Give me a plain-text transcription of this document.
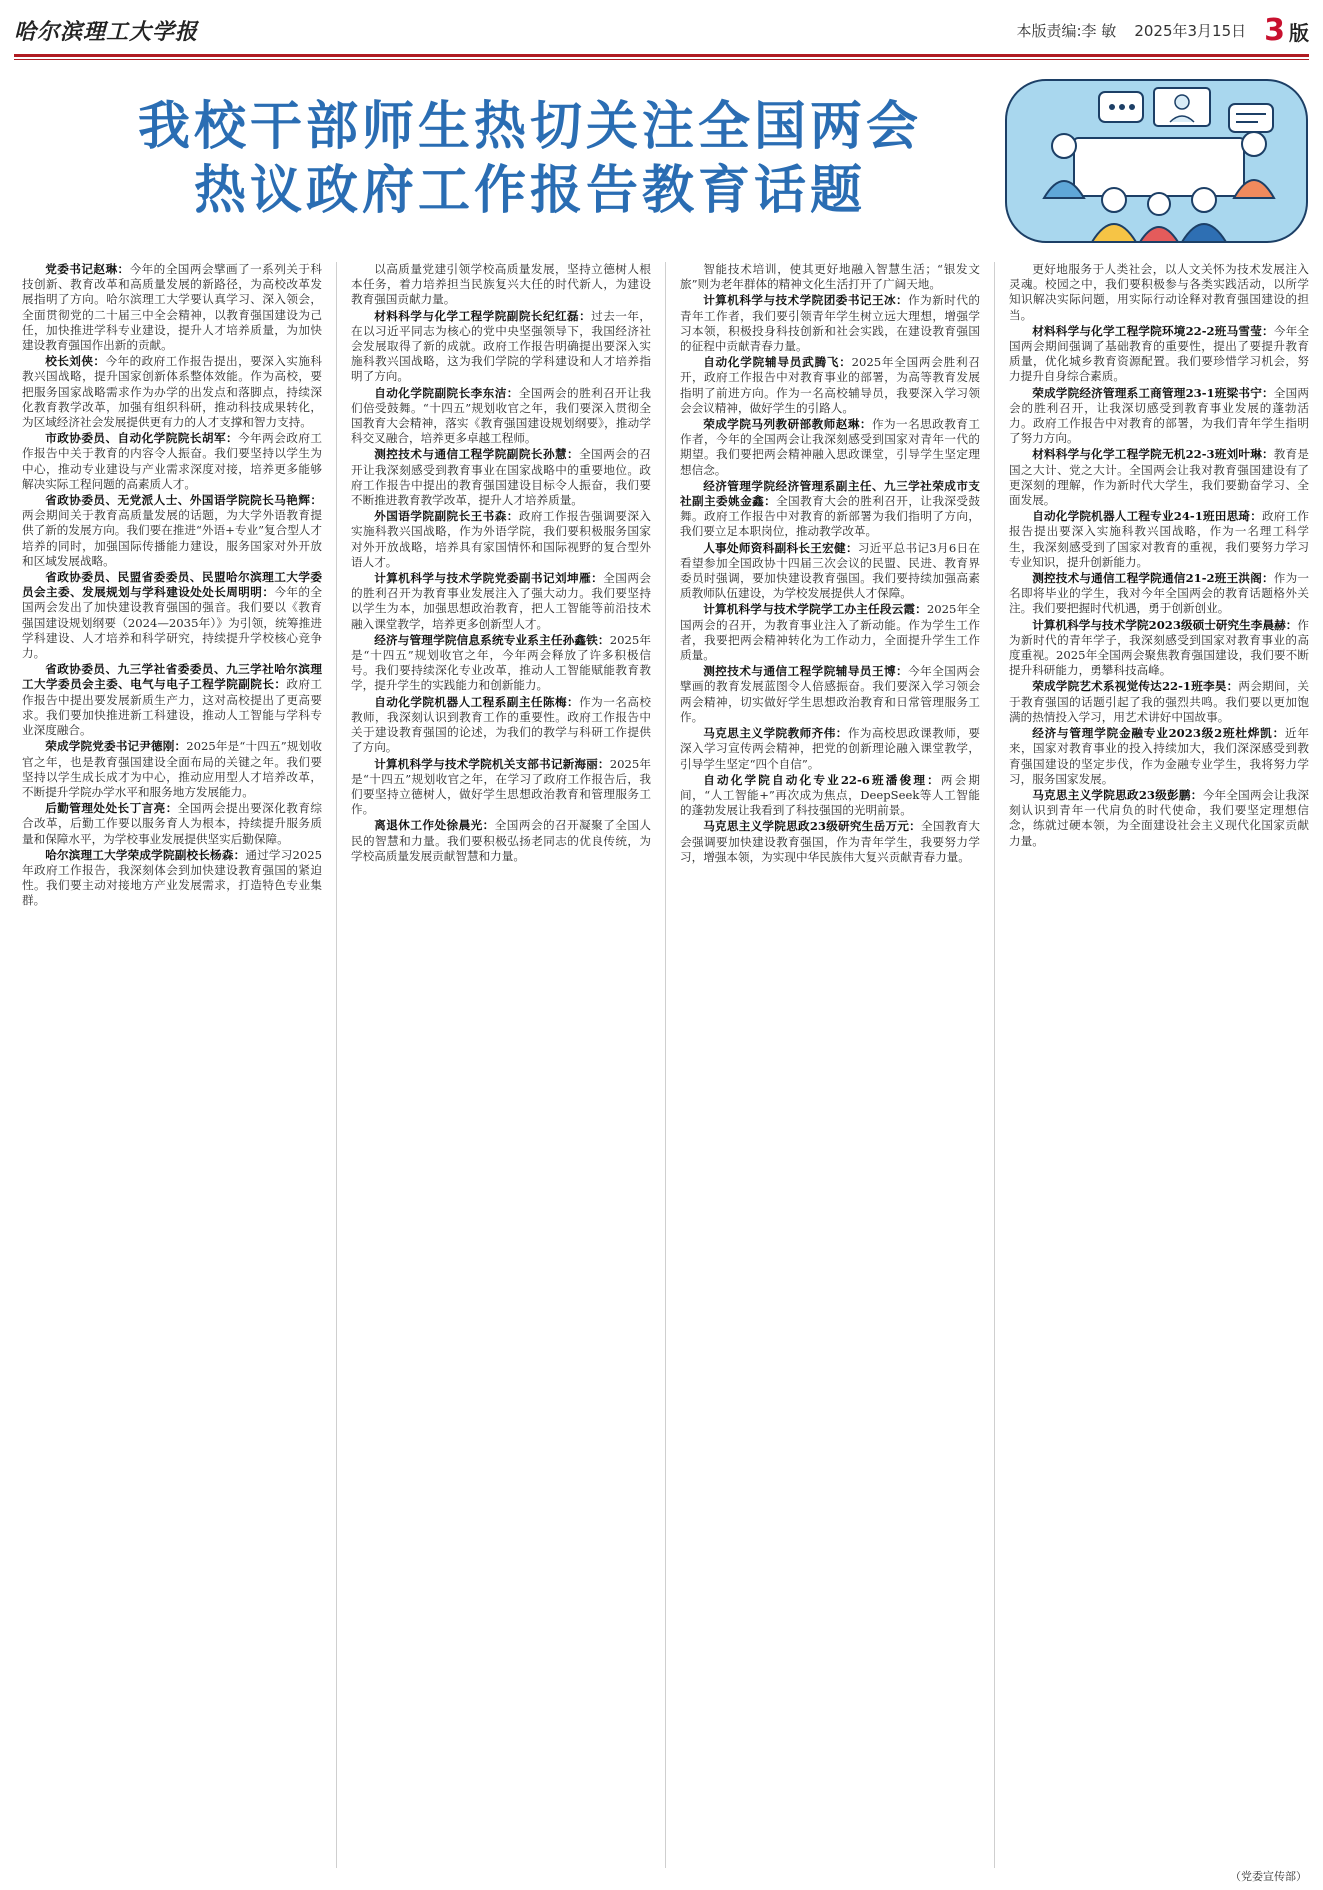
哈尔滨理工大学报	本版责编:李 敏 2025年3月15日 3 版
我校干部师生热切关注全国两会
热议政府工作报告教育话题

党委书记赵琳：今年的全国两会擘画了一系列关于科技创新、教育改革和高质量发展的新路径，为高校改革发展指明了方向。哈尔滨理工大学要认真学习、深入领会，全面贯彻党的二十届三中全会精神，以教育强国建设为己任，加快推进学科专业建设，提升人才培养质量，为加快建设教育强国作出新的贡献。

校长刘侠：今年的政府工作报告提出，要深入实施科教兴国战略，提升国家创新体系整体效能。作为高校，要把服务国家战略需求作为办学的出发点和落脚点，持续深化教育教学改革，加强有组织科研，推动科技成果转化，为区域经济社会发展提供更有力的人才支撑和智力支持。

市政协委员、自动化学院院长胡军：今年两会政府工作报告中关于教育的内容令人振奋。我们要坚持以学生为中心，推动专业建设与产业需求深度对接，培养更多能够解决实际工程问题的高素质人才。

省政协委员、无党派人士、外国语学院院长马艳辉：两会期间关于教育高质量发展的话题，为大学外语教育提供了新的发展方向。我们要在推进“外语+专业”复合型人才培养的同时，加强国际传播能力建设，服务国家对外开放和区域发展战略。

省政协委员、民盟省委委员、民盟哈尔滨理工大学委员会主委、发展规划与学科建设处处长周明明：今年的全国两会发出了加快建设教育强国的强音。我们要以《教育强国建设规划纲要（2024—2035年）》为引领，统筹推进学科建设、人才培养和科学研究，持续提升学校核心竞争力。

省政协委员、九三学社省委委员、九三学社哈尔滨理工大学委员会主委、电气与电子工程学院副院长：政府工作报告中提出要发展新质生产力，这对高校提出了更高要求。我们要加快推进新工科建设，推动人工智能与学科专业深度融合。

荣成学院党委书记尹德刚：2025年是“十四五”规划收官之年，也是教育强国建设全面布局的关键之年。我们要坚持以学生成长成才为中心，推动应用型人才培养改革，不断提升学院办学水平和服务地方发展能力。

后勤管理处处长丁言亮：全国两会提出要深化教育综合改革，后勤工作要以服务育人为根本，持续提升服务质量和保障水平，为学校事业发展提供坚实后勤保障。

哈尔滨理工大学荣成学院副校长杨森：通过学习2025年政府工作报告，我深刻体会到加快建设教育强国的紧迫性。我们要主动对接地方产业发展需求，打造特色专业集群。

以高质量党建引领学校高质量发展，坚持立德树人根本任务，着力培养担当民族复兴大任的时代新人，为建设教育强国贡献力量。

材料科学与化学工程学院副院长纪红磊：过去一年，在以习近平同志为核心的党中央坚强领导下，我国经济社会发展取得了新的成就。政府工作报告明确提出要深入实施科教兴国战略，这为我们学院的学科建设和人才培养指明了方向。

自动化学院副院长李东洁：全国两会的胜利召开让我们倍受鼓舞。“十四五”规划收官之年，我们要深入贯彻全国教育大会精神，落实《教育强国建设规划纲要》，推动学科交叉融合，培养更多卓越工程师。

测控技术与通信工程学院副院长孙慧：全国两会的召开让我深刻感受到教育事业在国家战略中的重要地位。政府工作报告中提出的教育强国建设目标令人振奋，我们要不断推进教育教学改革，提升人才培养质量。

外国语学院副院长王书森：政府工作报告强调要深入实施科教兴国战略，作为外语学院，我们要积极服务国家对外开放战略，培养具有家国情怀和国际视野的复合型外语人才。

计算机科学与技术学院党委副书记刘坤雁：全国两会的胜利召开为教育事业发展注入了强大动力。我们要坚持以学生为本，加强思想政治教育，把人工智能等前沿技术融入课堂教学，培养更多创新型人才。

经济与管理学院信息系统专业系主任孙鑫铁：2025年是“十四五”规划收官之年，今年两会释放了许多积极信号。我们要持续深化专业改革，推动人工智能赋能教育教学，提升学生的实践能力和创新能力。

自动化学院机器人工程系副主任陈梅：作为一名高校教师，我深刻认识到教育工作的重要性。政府工作报告中关于建设教育强国的论述，为我们的教学与科研工作提供了方向。

计算机科学与技术学院机关支部书记新海丽：2025年是“十四五”规划收官之年，在学习了政府工作报告后，我们要坚持立德树人，做好学生思想政治教育和管理服务工作。

离退休工作处徐晨光：全国两会的召开凝聚了全国人民的智慧和力量。我们要积极弘扬老同志的优良传统，为学校高质量发展贡献智慧和力量。

智能技术培训，使其更好地融入智慧生活；“银发文旅”则为老年群体的精神文化生活打开了广阔天地。

计算机科学与技术学院团委书记王冰：作为新时代的青年工作者，我们要引领青年学生树立远大理想，增强学习本领，积极投身科技创新和社会实践，在建设教育强国的征程中贡献青春力量。

自动化学院辅导员武腾飞：2025年全国两会胜利召开，政府工作报告中对教育事业的部署，为高等教育发展指明了前进方向。作为一名高校辅导员，我要深入学习领会会议精神，做好学生的引路人。

荣成学院马列教研部教师赵琳：作为一名思政教育工作者，今年的全国两会让我深刻感受到国家对青年一代的期望。我们要把两会精神融入思政课堂，引导学生坚定理想信念。

经济管理学院经济管理系副主任、九三学社荣成市支社副主委姚金鑫：全国教育大会的胜利召开，让我深受鼓舞。政府工作报告中对教育的新部署为我们指明了方向，我们要立足本职岗位，推动教学改革。

人事处师资科副科长王宏健：习近平总书记3月6日在看望参加全国政协十四届三次会议的民盟、民进、教育界委员时强调，要加快建设教育强国。我们要持续加强高素质教师队伍建设，为学校发展提供人才保障。

计算机科学与技术学院学工办主任段云霞：2025年全国两会的召开，为教育事业注入了新动能。作为学生工作者，我要把两会精神转化为工作动力，全面提升学生工作质量。

测控技术与通信工程学院辅导员王博：今年全国两会擘画的教育发展蓝图令人倍感振奋。我们要深入学习领会两会精神，切实做好学生思想政治教育和日常管理服务工作。

马克思主义学院教师齐伟：作为高校思政课教师，要深入学习宣传两会精神，把党的创新理论融入课堂教学，引导学生坚定“四个自信”。

自动化学院自动化专业22-6班潘俊理：两会期间，“人工智能+”再次成为焦点，DeepSeek等人工智能的蓬勃发展让我看到了科技强国的光明前景。

马克思主义学院思政23级研究生岳万元：全国教育大会强调要加快建设教育强国，作为青年学生，我要努力学习，增强本领，为实现中华民族伟大复兴贡献青春力量。

更好地服务于人类社会，以人文关怀为技术发展注入灵魂。校园之中，我们要积极参与各类实践活动，以所学知识解决实际问题，用实际行动诠释对教育强国建设的担当。

材料科学与化学工程学院环境22-2班马雪莹：今年全国两会期间强调了基础教育的重要性，提出了要提升教育质量，优化城乡教育资源配置。我们要珍惜学习机会，努力提升自身综合素质。

荣成学院经济管理系工商管理23-1班梁书宁：全国两会的胜利召开，让我深切感受到教育事业发展的蓬勃活力。政府工作报告中对教育的部署，为我们青年学生指明了努力方向。

材料科学与化学工程学院无机22-3班刘叶琳：教育是国之大计、党之大计。全国两会让我对教育强国建设有了更深刻的理解，作为新时代大学生，我们要勤奋学习、全面发展。

自动化学院机器人工程专业24-1班田思琦：政府工作报告提出要深入实施科教兴国战略，作为一名理工科学生，我深刻感受到了国家对教育的重视，我们要努力学习专业知识，提升创新能力。

测控技术与通信工程学院通信21-2班王洪阁：作为一名即将毕业的学生，我对今年全国两会的教育话题格外关注。我们要把握时代机遇，勇于创新创业。

计算机科学与技术学院2023级硕士研究生李晨赫：作为新时代的青年学子，我深刻感受到国家对教育事业的高度重视。2025年全国两会聚焦教育强国建设，我们要不断提升科研能力，勇攀科技高峰。

荣成学院艺术系视觉传达22-1班李昊：两会期间，关于教育强国的话题引起了我的强烈共鸣。我们要以更加饱满的热情投入学习，用艺术讲好中国故事。

经济与管理学院金融专业2023级2班杜烨凯：近年来，国家对教育事业的投入持续加大，我们深深感受到教育强国建设的坚定步伐，作为金融专业学生，我将努力学习，服务国家发展。

马克思主义学院思政23级彭鹏：今年全国两会让我深刻认识到青年一代肩负的时代使命，我们要坚定理想信念，练就过硬本领，为全面建设社会主义现代化国家贡献力量。

（党委宣传部）
